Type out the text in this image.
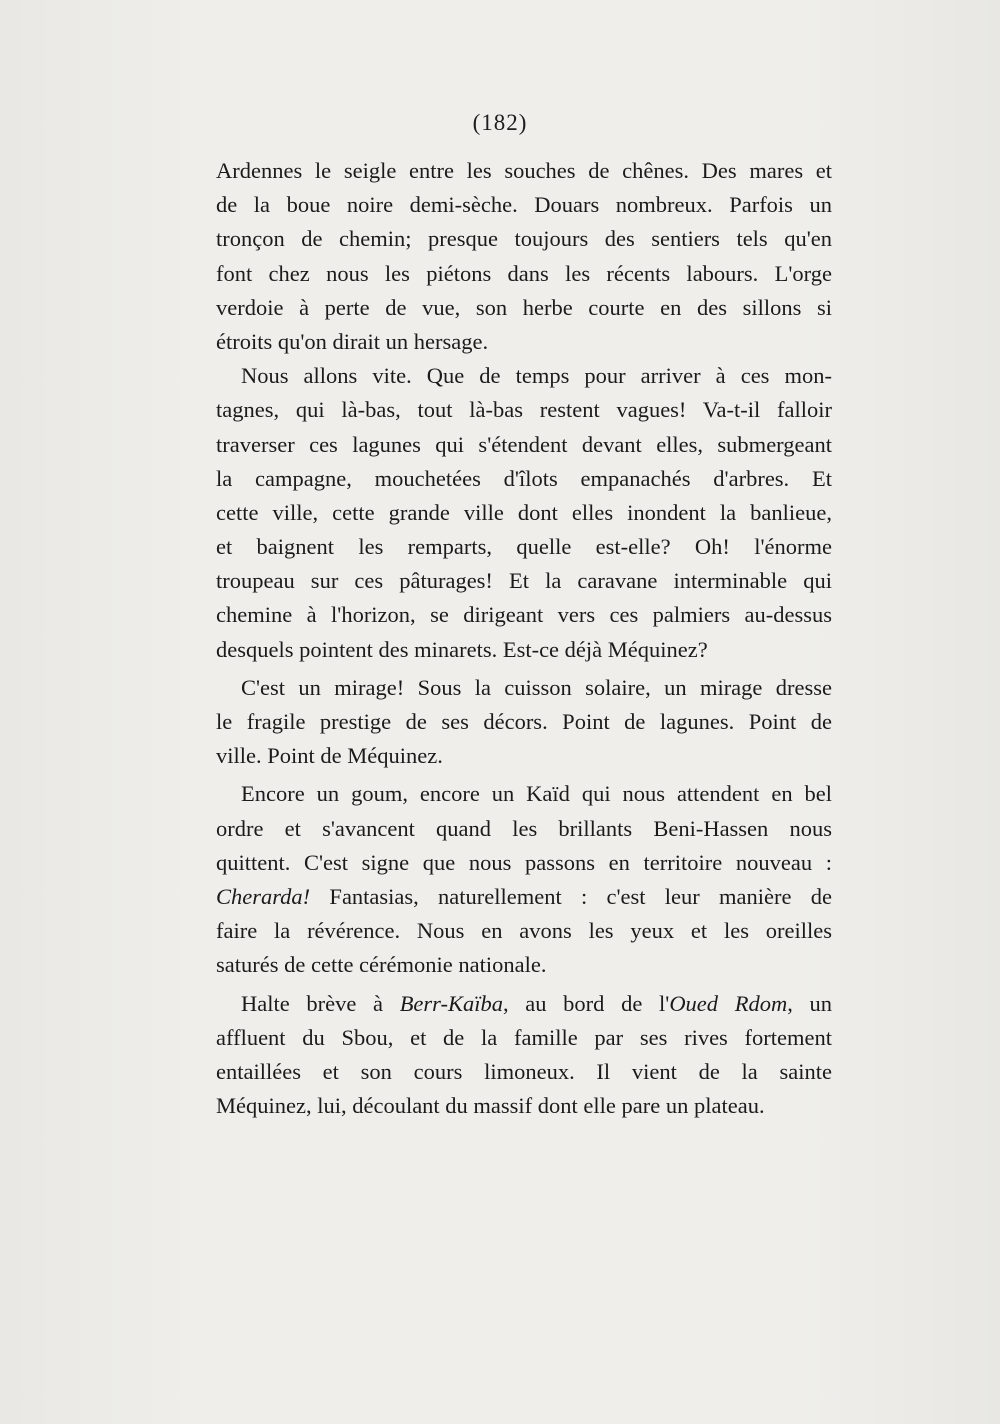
(182)
Ardennes le seigle entre les souches de chênes. Des mares et
de la boue noire demi-sèche. Douars nombreux. Parfois un
tronçon de chemin; presque toujours des sentiers tels qu'en
font chez nous les piétons dans les récents labours. L'orge
verdoie à perte de vue, son herbe courte en des sillons si
étroits qu'on dirait un hersage.
Nous allons vite. Que de temps pour arriver à ces mon-
tagnes, qui là-bas, tout là-bas restent vagues! Va-t-il falloir
traverser ces lagunes qui s'étendent devant elles, submergeant
la campagne, mouchetées d'îlots empanachés d'arbres. Et
cette ville, cette grande ville dont elles inondent la banlieue,
et baignent les remparts, quelle est-elle? Oh! l'énorme
troupeau sur ces pâturages! Et la caravane interminable qui
chemine à l'horizon, se dirigeant vers ces palmiers au-dessus
desquels pointent des minarets. Est-ce déjà Méquinez?
C'est un mirage! Sous la cuisson solaire, un mirage dresse
le fragile prestige de ses décors. Point de lagunes. Point de
ville. Point de Méquinez.
Encore un goum, encore un Kaïd qui nous attendent en bel
ordre et s'avancent quand les brillants Beni-Hassen nous
quittent. C'est signe que nous passons en territoire nouveau :
Cherarda! Fantasias, naturellement : c'est leur manière de
faire la révérence. Nous en avons les yeux et les oreilles
saturés de cette cérémonie nationale.
Halte brève à Berr-Kaïba, au bord de l'Oued Rdom, un
affluent du Sbou, et de la famille par ses rives fortement
entaillées et son cours limoneux. Il vient de la sainte
Méquinez, lui, découlant du massif dont elle pare un plateau.
